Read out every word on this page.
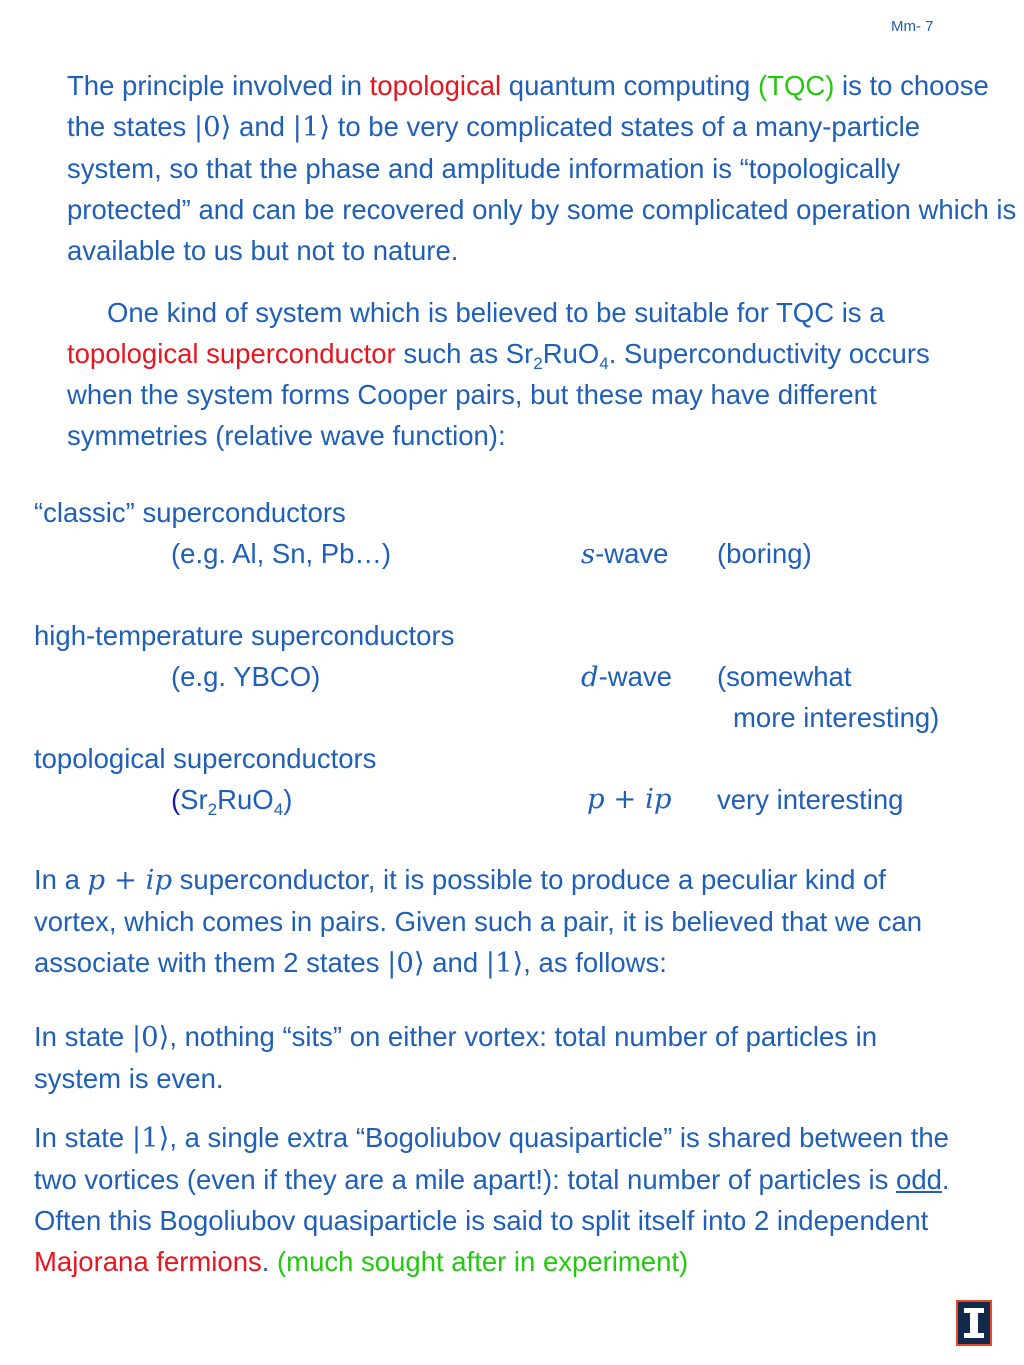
Mm- 7
The principle involved in topological quantum computing (TQC) is to choose the states |0⟩ and |1⟩ to be very complicated states of a many-particle system, so that the phase and amplitude information is “topologically protected” and can be recovered only by some complicated operation which is available to us but not to nature.
One kind of system which is believed to be suitable for TQC is a topological superconductor such as $Sr_2RuO_4$. Superconductivity occurs when the system forms Cooper pairs, but these may have different symmetries (relative wave function):
“classic” superconductors
(e.g. Al, Sn, Pb…)	s-wave (boring)
high-temperature superconductors
(e.g. YBCO)	d-wave (somewhat
more interesting)
topological superconductors
$(Sr_2RuO_4)$	p + ip very interesting
In a p + ip superconductor, it is possible to produce a peculiar kind of vortex, which comes in pairs. Given such a pair, it is believed that we can associate with them 2 states |0⟩ and |1⟩, as follows:
In state |0⟩, nothing “sits” on either vortex: total number of particles in system is even.
In state |1⟩, a single extra “Bogoliubov quasiparticle” is shared between the two vortices (even if they are a mile apart!): total number of particles is odd. Often this Bogoliubov quasiparticle is said to split itself into 2 independent Majorana fermions. (much sought after in experiment)
